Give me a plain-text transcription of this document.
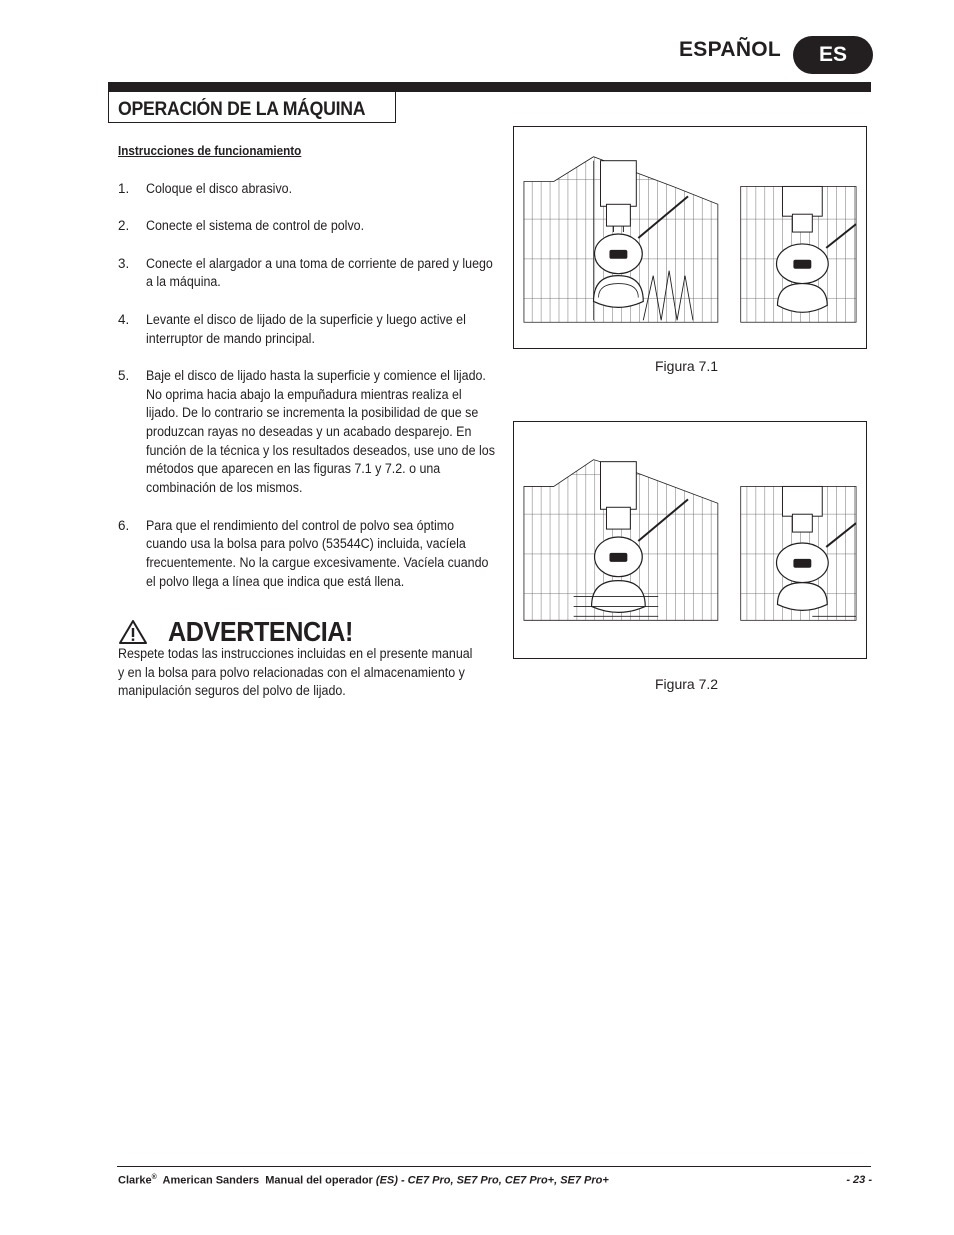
ESPAÑOL	ES
OPERACIÓN DE LA MÁQUINA
Instrucciones de funcionamiento
1. Coloque el disco abrasivo.
2. Conecte el sistema de control de polvo.
3. Conecte el alargador a una toma de corriente de pared y luego a la máquina.
4. Levante el disco de lijado de la superficie y luego active el interruptor de mando principal.
5. Baje el disco de lijado hasta la superficie y comience el lijado. No oprima hacia abajo la empuñadura mientras realiza el lijado. De lo contrario se incrementa la posibilidad de que se produzcan rayas no deseadas y un acabado desparejo. En función de la técnica y los resultados deseados, use uno de los métodos que aparecen en las figuras 7.1 y 7.2. o una combinación de los mismos.
6. Para que el rendimiento del control de polvo sea óptimo cuando usa la bolsa para polvo (53544C) incluida, vacíela frecuentemente. No la cargue excesivamente. Vacíela cuando el polvo llega a línea que indica que está llena.
ADVERTENCIA!
Respete todas las instrucciones incluidas en el presente manual y en la bolsa para polvo relacionadas con el almacenamiento y manipulación seguros del polvo de lijado.
Figura 7.1
Figura 7.2
Clarke® American Sanders Manual del operador (ES) - CE7 Pro, SE7 Pro, CE7 Pro+, SE7 Pro+	- 23 -
